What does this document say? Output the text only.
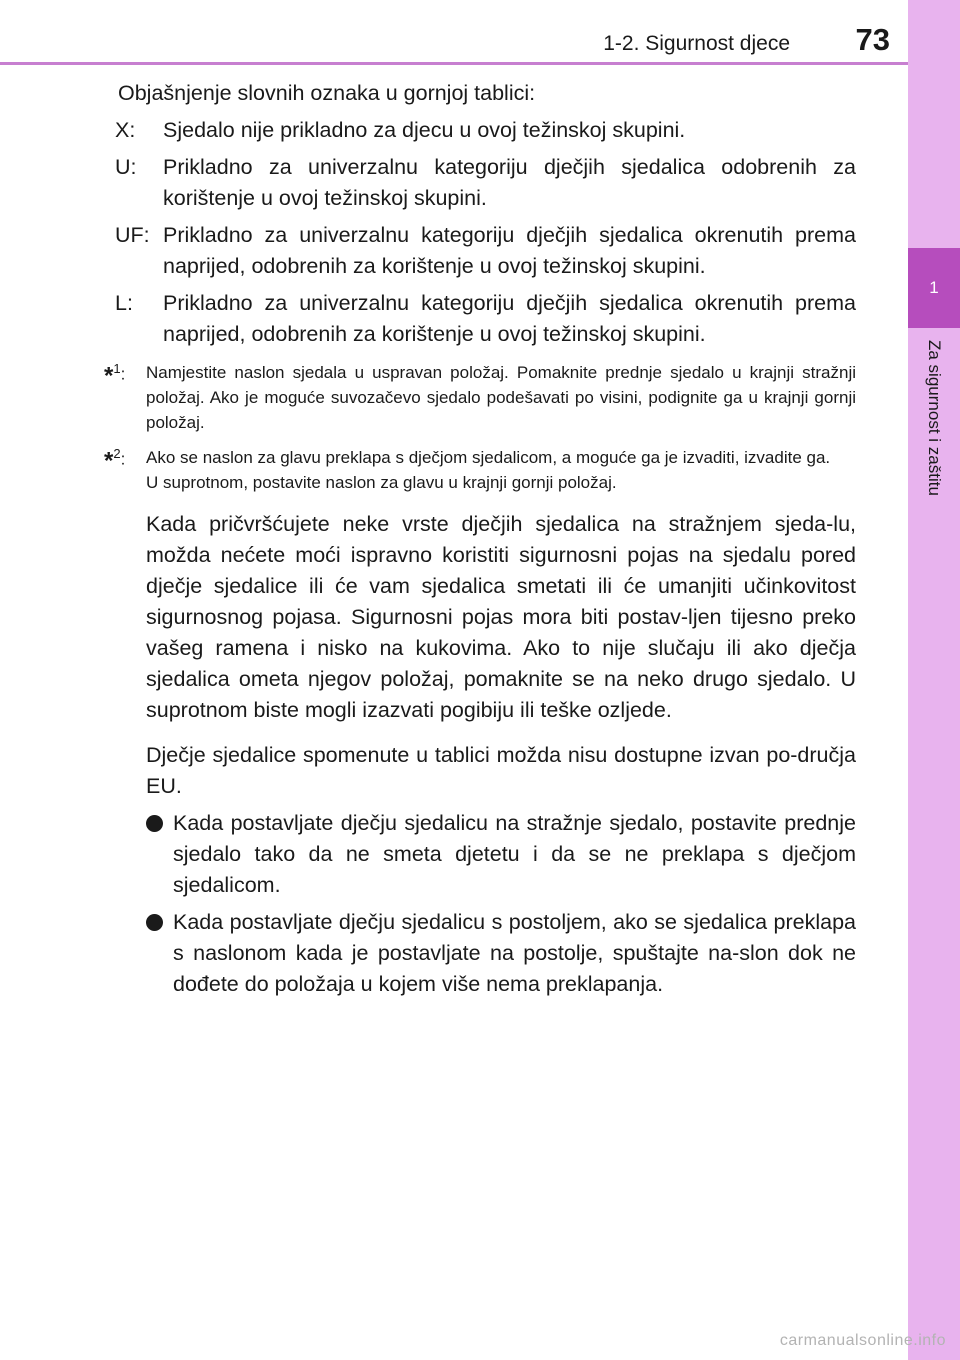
1-2. Sigurnost djece 73
1
Za sigurnost i zaštitu

Objašnjenje slovnih oznaka u gornjoj tablici:

X: Sjedalo nije prikladno za djecu u ovoj težinskoj skupini.
U: Prikladno za univerzalnu kategoriju dječjih sjedalica odobrenih za korištenje u ovoj težinskoj skupini.
UF: Prikladno za univerzalnu kategoriju dječjih sjedalica okrenutih prema naprijed, odobrenih za korištenje u ovoj težinskoj skupini.
L: Prikladno za univerzalnu kategoriju dječjih sjedalica okrenutih prema naprijed, odobrenih za korištenje u ovoj težinskoj skupini.
*$^1$: Namjestite naslon sjedala u uspravan položaj. Pomaknite prednje sjedalo u krajnji stražnji položaj. Ako je moguće suvozačevo sjedalo podešavati po visini, podignite ga u krajnji gornji položaj.

*$^2$: Ako se naslon za glavu preklapa s dječjom sjedalicom, a moguće ga je izvaditi, izvadite ga.

U suprotnom, postavite naslon za glavu u krajnji gornji položaj.

Kada pričvršćujete neke vrste dječjih sjedalica na stražnjem sjeda-lu, možda nećete moći ispravno koristiti sigurnosni pojas na sjedalu pored dječje sjedalice ili će vam sjedalica smetati ili će umanjiti učinkovitost sigurnosnog pojasa. Sigurnosni pojas mora biti postav-ljen tijesno preko vašeg ramena i nisko na kukovima. Ako to nije slučaju ili ako dječja sjedalica ometa njegov položaj, pomaknite se na neko drugo sjedalo. U suprotnom biste mogli izazvati pogibiju ili teške ozljede.

Dječje sjedalice spomenute u tablici možda nisu dostupne izvan po-dručja EU.

Kada postavljate dječju sjedalicu na stražnje sjedalo, postavite prednje sjedalo tako da ne smeta djetetu i da se ne preklapa s dječjom sjedalicom.
Kada postavljate dječju sjedalicu s postoljem, ako se sjedalica preklapa s naslonom kada je postavljate na postolje, spuštajte na-slon dok ne dođete do položaja u kojem više nema preklapanja.
carmanualsonline.info
